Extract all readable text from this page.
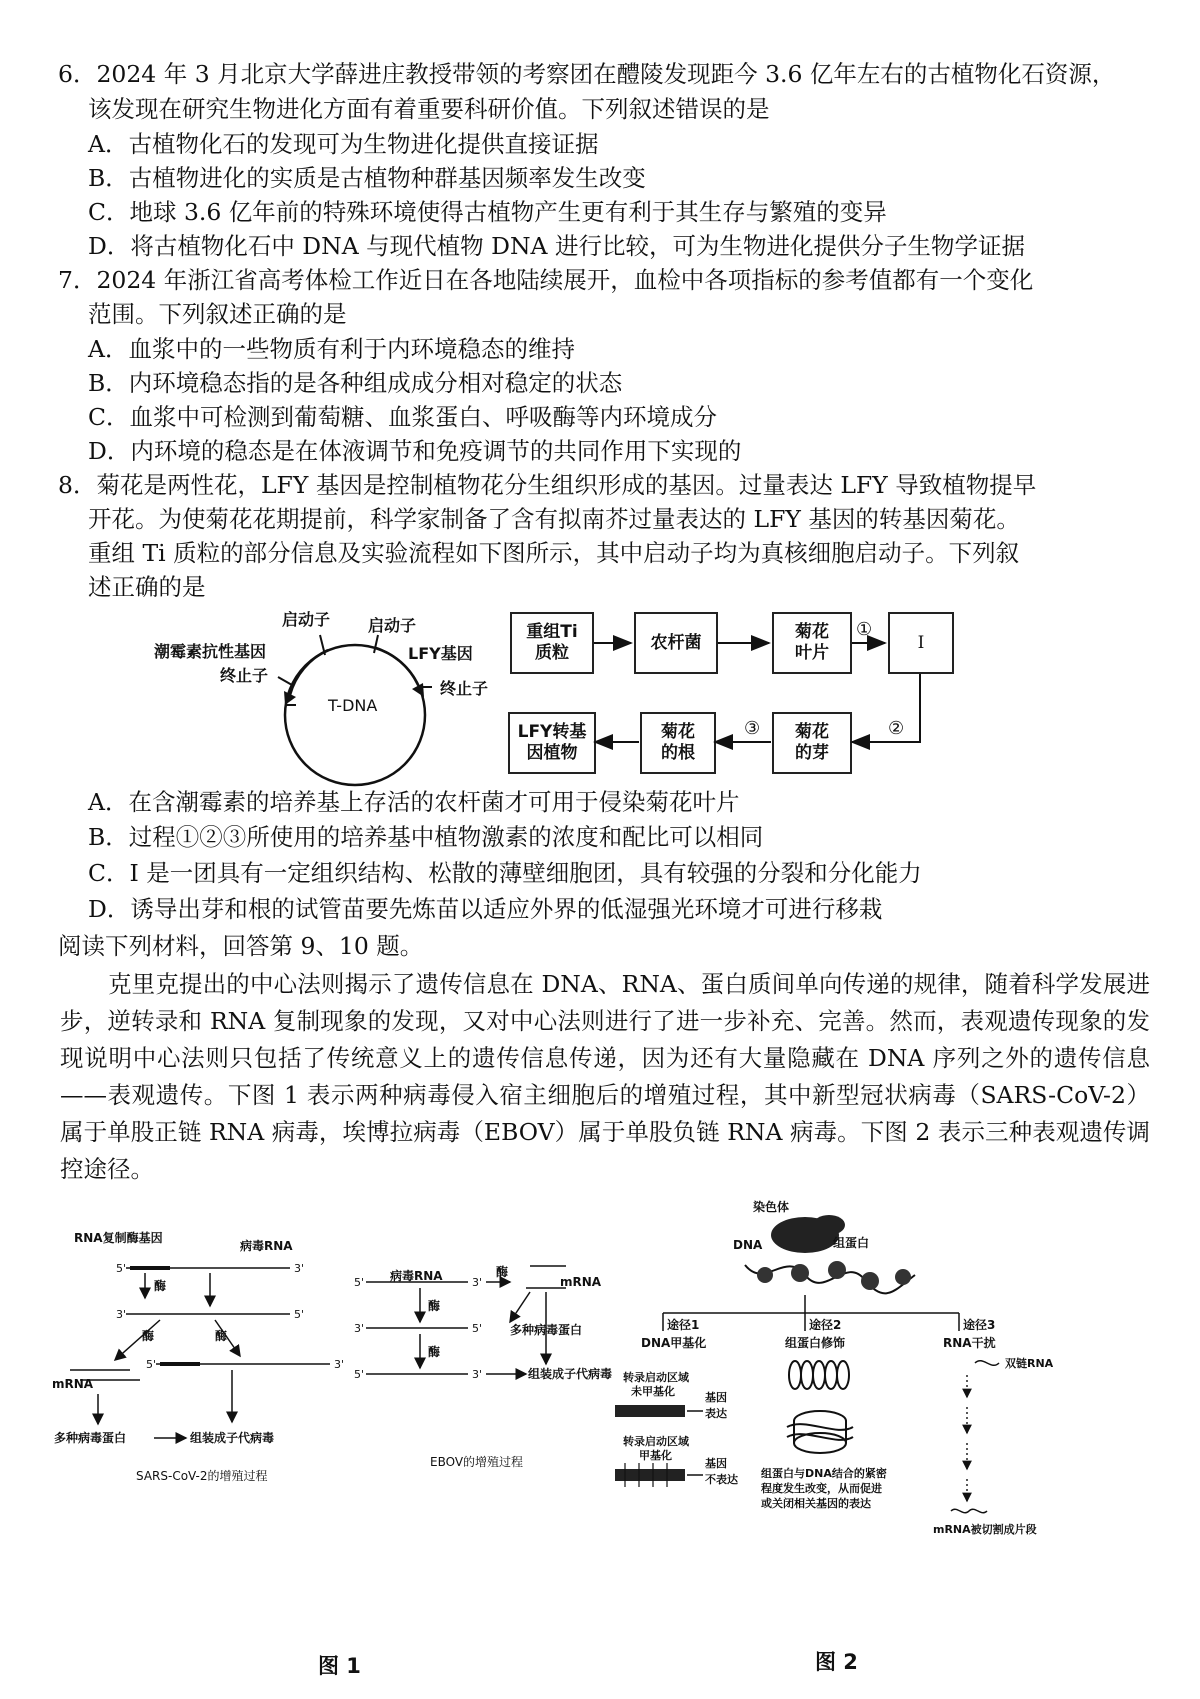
6．2024 年 3 月北京大学薛进庄教授带领的考察团在醴陵发现距今 3.6 亿年左右的古植物化石资源，
该发现在研究生物进化方面有着重要科研价值。下列叙述错误的是
A．古植物化石的发现可为生物进化提供直接证据
B．古植物进化的实质是古植物种群基因频率发生改变
C．地球 3.6 亿年前的特殊环境使得古植物产生更有利于其生存与繁殖的变异
D．将古植物化石中 DNA 与现代植物 DNA 进行比较，可为生物进化提供分子生物学证据
7．2024 年浙江省高考体检工作近日在各地陆续展开，血检中各项指标的参考值都有一个变化
范围。下列叙述正确的是
A．血浆中的一些物质有利于内环境稳态的维持
B．内环境稳态指的是各种组成成分相对稳定的状态
C．血浆中可检测到葡萄糖、血浆蛋白、呼吸酶等内环境成分
D．内环境的稳态是在体液调节和免疫调节的共同作用下实现的
8．菊花是两性花，LFY 基因是控制植物花分生组织形成的基因。过量表达 LFY 导致植物提早
开花。为使菊花花期提前，科学家制备了含有拟南芥过量表达的 LFY 基因的转基因菊花。
重组 Ti 质粒的部分信息及实验流程如下图所示，其中启动子均为真核细胞启动子。下列叙
述正确的是
启动子 启动子
潮霉素抗性基因	LFY基因
终止子
终止子
T-DNA
重组Ti
质粒
农杆菌
菊花
叶片
I
菊花
的芽
菊花
的根
LFY转基
因植物
①
②
③
A．在含潮霉素的培养基上存活的农杆菌才可用于侵染菊花叶片
B．过程①②③所使用的培养基中植物激素的浓度和配比可以相同
C．I 是一团具有一定组织结构、松散的薄壁细胞团，具有较强的分裂和分化能力
D．诱导出芽和根的试管苗要先炼苗以适应外界的低湿强光环境才可进行移栽
阅读下列材料，回答第 9、10 题。
克里克提出的中心法则揭示了遗传信息在 DNA、RNA、蛋白质间单向传递的规律，随着科学发展进步，逆转录和 RNA 复制现象的发现，又对中心法则进行了进一步补充、完善。然而，表观遗传现象的发现说明中心法则只包括了传统意义上的遗传信息传递，因为还有大量隐藏在 DNA 序列之外的遗传信息——表观遗传。下图 1 表示两种病毒侵入宿主细胞后的增殖过程，其中新型冠状病毒（SARS-CoV-2）属于单股正链 RNA 病毒，埃博拉病毒（EBOV）属于单股负链 RNA 病毒。下图 2 表示三种表观遗传调控途径。
RNA复制酶基因
病毒RNA
5'	3'
酶
3'	5'
酶	酶
5'	3'
mRNA
多种病毒蛋白	组装成子代病毒
SARS-CoV-2的增殖过程
病毒RNA
5'	3'
酶
3'	5'
酶
5'	3'
酶
mRNA
多种病毒蛋白
组装成子代病毒
EBOV的增殖过程
图 1
染色体
DNA	组蛋白
途径1	途径2	途径3
DNA甲基化
转录启动区域
未甲基化	基因
表达
转录启动区域
甲基化
基因
不表达
组蛋白修饰
组蛋白与DNA结合的紧密
程度发生改变，从而促进
或关闭相关基因的表达
RNA干扰
双链RNA
mRNA被切割成片段
图 2
